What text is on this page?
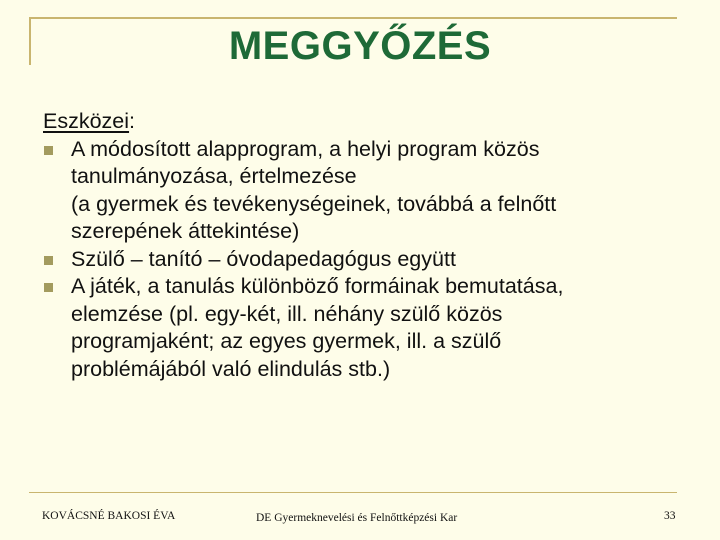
MEGGYŐZÉS
Eszközei:
A módosított alapprogram, a helyi program közös
tanulmányozása, értelmezése
(a gyermek és tevékenységeinek, továbbá a felnőtt
szerepének áttekintése)
Szülő – tanító – óvodapedagógus együtt
A játék, a tanulás különböző formáinak bemutatása,
elemzése (pl. egy-két, ill. néhány szülő közös
programjaként; az egyes gyermek, ill. a szülő
problémájából való elindulás stb.)
KOVÁCSNÉ BAKOSI ÉVA	DE Gyermeknevelési és Felnőttképzési Kar	33
